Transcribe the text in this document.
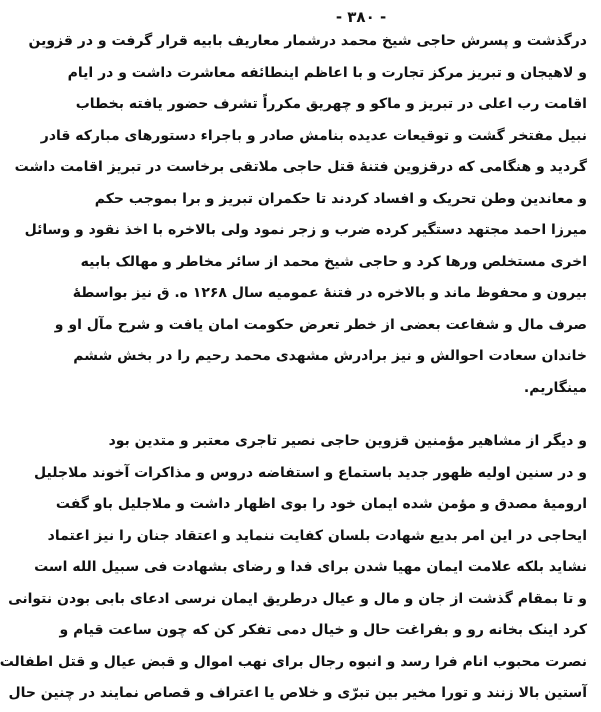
- ۳۸۰ -
درگذشت و پسرش حاجی شیخ محمد درشمار معاریف بابیه قرار گرفت و در قزوین
و لاهیجان و تبریز مرکز تجارت و با اعاظم اینطائفه معاشرت داشت و در ایام
اقامت رب اعلی در تبریز و ماکو و چهریق مکرراً تشرف حضور یافته بخطاب
نبیل مفتخر گشت و توقیعات عدیده بنامش صادر و باجراء دستورهای مبارکه قادر
گردید و هنگامی که درقزوین فتنهٔ قتل حاجی ملاتقی برخاست در تبریز اقامت داشت
و معاندین وطن تحریک و افساد کردند تا حکمران تبریز و برا بموجب حکم
میرزا احمد مجتهد دستگیر کرده ضرب و زجر نمود ولی بالاخره با اخذ نقود و وسائل
اخری مستخلص ورها کرد و حاجی شیخ محمد از سائر مخاطر و مهالک بابیه
بیرون و محفوظ ماند و بالاخره در فتنهٔ عمومیه سال ۱۲۶۸ ه. ق نیز بواسطهٔ
صرف مال و شفاعت بعضی از خطر تعرض حکومت امان یافت و شرح مآل او و
خاندان سعادت احوالش و نیز برادرش مشهدی محمد رحیم را در بخش ششم
مینگاریم.
و دیگر از مشاهیر مؤمنین قزوین حاجی نصیر تاجری معتبر و متدین بود
و در سنین اولیه ظهور جدید باستماع و استفاضه دروس و مذاکرات آخوند ملاجلیل
ارومیهٔ مصدق و مؤمن شده ایمان خود را بوی اظهار داشت و ملاجلیل باو گفت
ایحاجی در این امر بدیع شهادت بلسان کفایت ننماید و اعتقاد جنان را نیز اعتماد
نشاید بلکه علامت ایمان مهیا شدن برای فدا و رضای بشهادت فی سبیل الله است
و تا بمقام گذشت از جان و مال و عیال درطریق ایمان نرسی ادعای بابی بودن نتوانی
کرد اینک بخانه رو و بفراغت حال و خیال دمی تفکر کن که چون ساعت قیام و
نصرت محبوب انام فرا رسد و انبوه رجال برای نهب اموال و قبض عیال و قتل اطفالت
آستین بالا زنند و تورا مخیر بین تبرّی و خلاص یا اعتراف و قصاص نمایند در چنین حال
